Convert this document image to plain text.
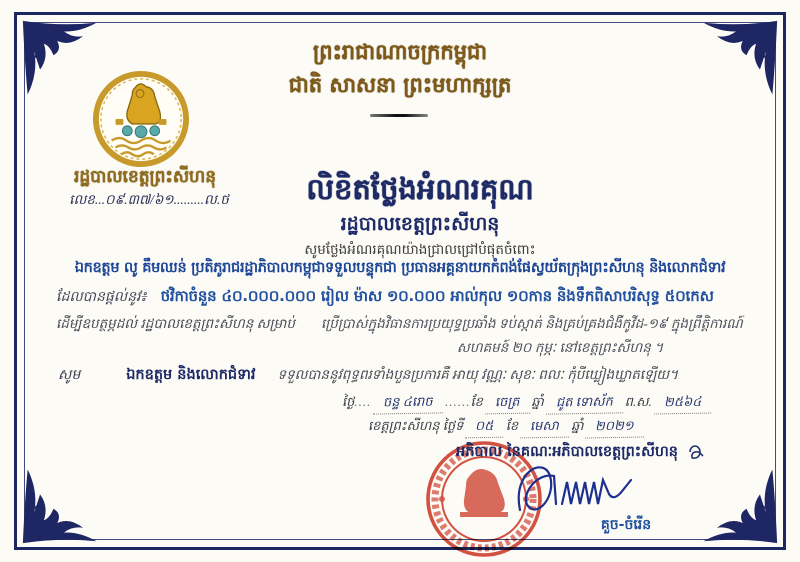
ព្រះរាជាណាចក្រកម្ពុជា
ជាតិ សាសនា ព្រះមហាក្សត្រ
រដ្ឋបាលខេត្តព្រះសីហនុ
លេខ...០៩.៣៧/៦១.........ល.ថ	លិខិតថ្លែងអំណរគុណ
រដ្ឋបាលខេត្តព្រះសីហនុ
សូមថ្លែងអំណរគុណយ៉ាងជ្រាលជ្រៅបំផុតចំពោះ
ឯកឧត្តម លូ គឹមឈន់ ប្រតិភូរាជរដ្ឋាភិបាលកម្ពុជាទទួលបន្ទុកជា ប្រធានអគ្គនាយកកំពង់ផែស្វយ័តក្រុងព្រះសីហនុ និងលោកជំទាវ
ដែលបានផ្តល់នូវ៖ ថវិកាចំនួន ៤០.០០០.០០០ រៀល ម៉ាស ១០.០០០ អាល់កុល ១០កាន និងទឹកពិសាបរិសុទ្ធ ៥០កេស
ដើម្បីឧបត្ថម្ភដល់ រដ្ឋបាលខេត្តព្រះសីហនុ សម្រាប់ ប្រើប្រាស់ក្នុងវិធានការប្រយុទ្ធប្រឆាំង ទប់ស្កាត់ និងគ្រប់គ្រងជំងឺកូវីដ-១៩ ក្នុងព្រឹត្តិការណ៍
សហគមន៍ ២០ កុម្ភៈ នៅខេត្តព្រះសីហនុ ។
សូម	ឯកឧត្តម និងលោកជំទាវ ទទួលបាននូវពុទ្ធពរទាំងបួនប្រការគឺ អាយុ វណ្ណៈ សុខៈ ពលៈ កុំបីឃ្លៀងឃ្លាតឡើយ។
ថ្ងៃ .... ចន្ទ ៤រោច ...... ខែ ចេត្រ ឆ្នាំ ជូត ទោស័ក ព.ស. ២៥៦៤
ខេត្តព្រះសីហនុ ថ្ងៃទី ០៥ ខែ មេសា ឆ្នាំ ២០២១
អភិបាល នៃគណៈអភិបាលខេត្តព្រះសីហនុ
គួច-ចំរើន
